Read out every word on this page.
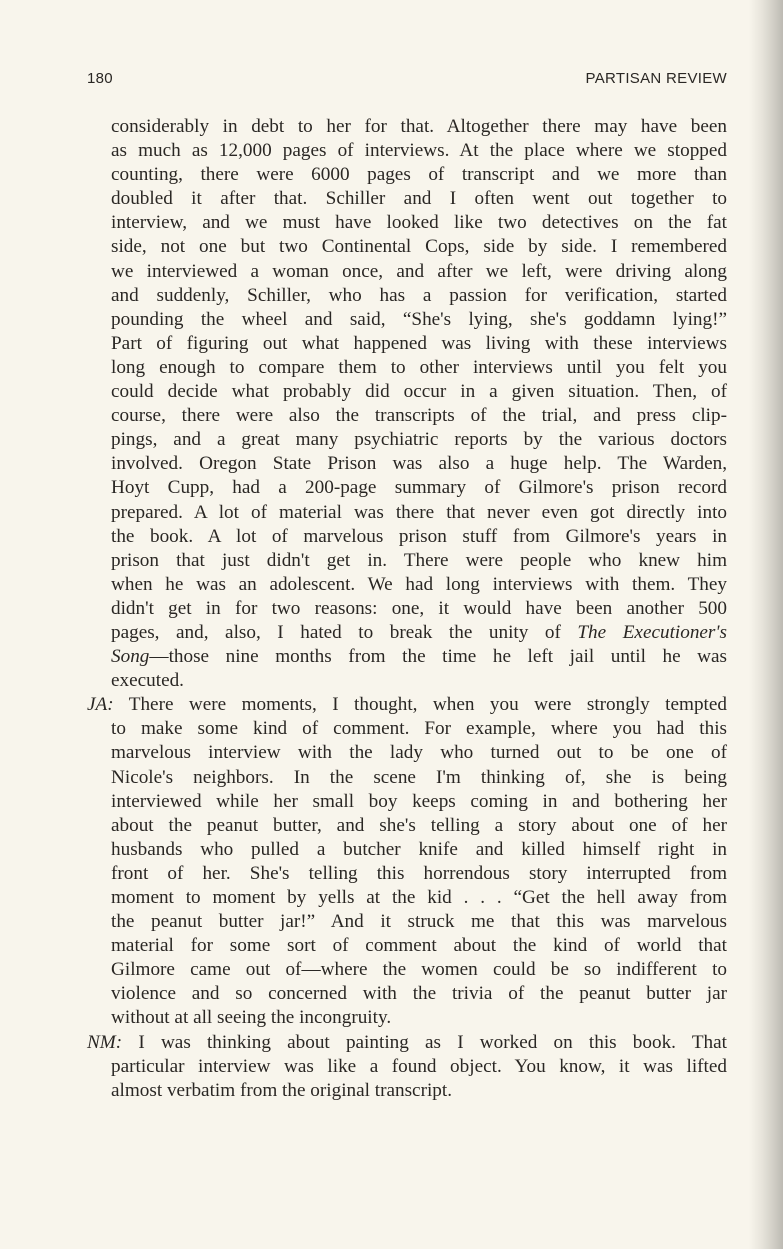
180	PARTISAN REVIEW
considerably in debt to her for that. Altogether there may have been
as much as 12,000 pages of interviews. At the place where we stopped
counting, there were 6000 pages of transcript and we more than
doubled it after that. Schiller and I often went out together to
interview, and we must have looked like two detectives on the fat
side, not one but two Continental Cops, side by side. I remembered
we interviewed a woman once, and after we left, were driving along
and suddenly, Schiller, who has a passion for verification, started
pounding the wheel and said, “She's lying, she's goddamn lying!”
Part of figuring out what happened was living with these interviews
long enough to compare them to other interviews until you felt you
could decide what probably did occur in a given situation. Then, of
course, there were also the transcripts of the trial, and press clip-
pings, and a great many psychiatric reports by the various doctors
involved. Oregon State Prison was also a huge help. The Warden,
Hoyt Cupp, had a 200-page summary of Gilmore's prison record
prepared. A lot of material was there that never even got directly into
the book. A lot of marvelous prison stuff from Gilmore's years in
prison that just didn't get in. There were people who knew him
when he was an adolescent. We had long interviews with them. They
didn't get in for two reasons: one, it would have been another 500
pages, and, also, I hated to break the unity of The Executioner's
Song—those nine months from the time he left jail until he was
executed.
JA: There were moments, I thought, when you were strongly tempted
to make some kind of comment. For example, where you had this
marvelous interview with the lady who turned out to be one of
Nicole's neighbors. In the scene I'm thinking of, she is being
interviewed while her small boy keeps coming in and bothering her
about the peanut butter, and she's telling a story about one of her
husbands who pulled a butcher knife and killed himself right in
front of her. She's telling this horrendous story interrupted from
moment to moment by yells at the kid . . . “Get the hell away from
the peanut butter jar!” And it struck me that this was marvelous
material for some sort of comment about the kind of world that
Gilmore came out of—where the women could be so indifferent to
violence and so concerned with the trivia of the peanut butter jar
without at all seeing the incongruity.
NM: I was thinking about painting as I worked on this book. That
particular interview was like a found object. You know, it was lifted
almost verbatim from the original transcript.
